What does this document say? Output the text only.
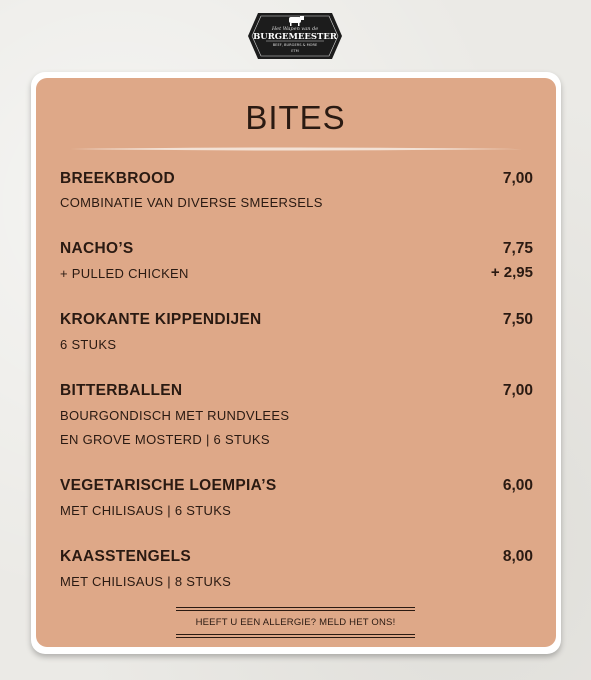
Het Wapen van de
BURGEMEESTER
BEEF, BURGERS & MORE
ETM
BITES
BREEKBROOD	7,00
COMBINATIE VAN DIVERSE SMEERSELS
NACHO’S	7,75
+ PULLED CHICKEN	+ 2,95
KROKANTE KIPPENDIJEN	7,50
6 STUKS
BITTERBALLEN	7,00
BOURGONDISCH MET RUNDVLEES
EN GROVE MOSTERD | 6 STUKS
VEGETARISCHE LOEMPIA’S	6,00
MET CHILISAUS | 6 STUKS
KAASSTENGELS	8,00
MET CHILISAUS | 8 STUKS
HEEFT U EEN ALLERGIE? MELD HET ONS!
